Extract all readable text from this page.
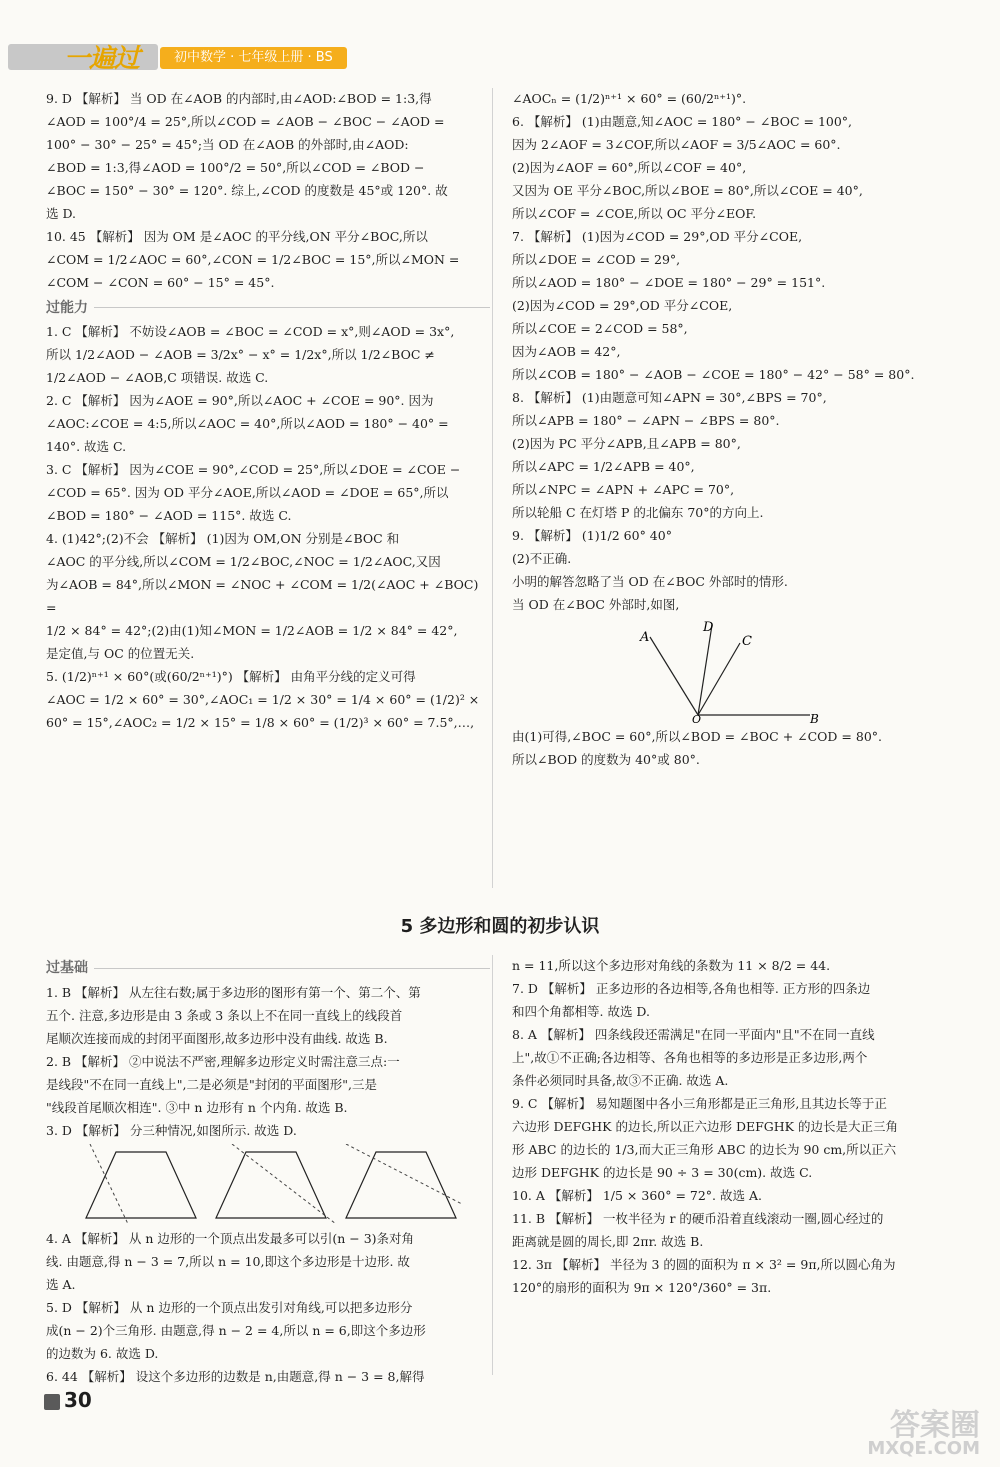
一遍过	初中数学 · 七年级上册 · BS
9. D 【解析】 当 OD 在∠AOB 的内部时,由∠AOD:∠BOD = 1:3,得
∠AOD = 100°/4 = 25°,所以∠COD = ∠AOB − ∠BOC − ∠AOD =
100° − 30° − 25° = 45°;当 OD 在∠AOB 的外部时,由∠AOD:
∠BOD = 1:3,得∠AOD = 100°/2 = 50°,所以∠COD = ∠BOD −
∠BOC = 150° − 30° = 120°. 综上,∠COD 的度数是 45°或 120°. 故
选 D.
10. 45 【解析】 因为 OM 是∠AOC 的平分线,ON 平分∠BOC,所以
∠COM = 1/2∠AOC = 60°,∠CON = 1/2∠BOC = 15°,所以∠MON =
∠COM − ∠CON = 60° − 15° = 45°.
过能力
1. C 【解析】 不妨设∠AOB = ∠BOC = ∠COD = x°,则∠AOD = 3x°,
所以 1/2∠AOD − ∠AOB = 3/2x° − x° = 1/2x°,所以 1/2∠BOC ≠
1/2∠AOD − ∠AOB,C 项错误. 故选 C.
2. C 【解析】 因为∠AOE = 90°,所以∠AOC + ∠COE = 90°. 因为
∠AOC:∠COE = 4:5,所以∠AOC = 40°,所以∠AOD = 180° − 40° =
140°. 故选 C.
3. C 【解析】 因为∠COE = 90°,∠COD = 25°,所以∠DOE = ∠COE −
∠COD = 65°. 因为 OD 平分∠AOE,所以∠AOD = ∠DOE = 65°,所以
∠BOD = 180° − ∠AOD = 115°. 故选 C.
4. (1)42°;(2)不会 【解析】 (1)因为 OM,ON 分别是∠BOC 和
∠AOC 的平分线,所以∠COM = 1/2∠BOC,∠NOC = 1/2∠AOC,又因
为∠AOB = 84°,所以∠MON = ∠NOC + ∠COM = 1/2(∠AOC + ∠BOC) =
1/2 × 84° = 42°;(2)由(1)知∠MON = 1/2∠AOB = 1/2 × 84° = 42°,
是定值,与 OC 的位置无关.
5. (1/2)ⁿ⁺¹ × 60°(或(60/2ⁿ⁺¹)°) 【解析】 由角平分线的定义可得
∠AOC = 1/2 × 60° = 30°,∠AOC₁ = 1/2 × 30° = 1/4 × 60° = (1/2)² ×
60° = 15°,∠AOC₂ = 1/2 × 15° = 1/8 × 60° = (1/2)³ × 60° = 7.5°,…,
∠AOCₙ = (1/2)ⁿ⁺¹ × 60° = (60/2ⁿ⁺¹)°.
6. 【解析】 (1)由题意,知∠AOC = 180° − ∠BOC = 100°,
因为 2∠AOF = 3∠COF,所以∠AOF = 3/5∠AOC = 60°.
(2)因为∠AOF = 60°,所以∠COF = 40°,
又因为 OE 平分∠BOC,所以∠BOE = 80°,所以∠COE = 40°,
所以∠COF = ∠COE,所以 OC 平分∠EOF.
7. 【解析】 (1)因为∠COD = 29°,OD 平分∠COE,
所以∠DOE = ∠COD = 29°,
所以∠AOD = 180° − ∠DOE = 180° − 29° = 151°.
(2)因为∠COD = 29°,OD 平分∠COE,
所以∠COE = 2∠COD = 58°,
因为∠AOB = 42°,
所以∠COB = 180° − ∠AOB − ∠COE = 180° − 42° − 58° = 80°.
8. 【解析】 (1)由题意可知∠APN = 30°,∠BPS = 70°,
所以∠APB = 180° − ∠APN − ∠BPS = 80°.
(2)因为 PC 平分∠APB,且∠APB = 80°,
所以∠APC = 1/2∠APB = 40°,
所以∠NPC = ∠APN + ∠APC = 70°,
所以轮船 C 在灯塔 P 的北偏东 70°的方向上.
9. 【解析】 (1)1/2 60° 40°
(2)不正确.
小明的解答忽略了当 OD 在∠BOC 外部时的情形.
当 OD 在∠BOC 外部时,如图,
A
D
C
O	B
由(1)可得,∠BOC = 60°,所以∠BOD = ∠BOC + ∠COD = 80°.
所以∠BOD 的度数为 40°或 80°.
5 多边形和圆的初步认识
过基础
1. B 【解析】 从左往右数;属于多边形的图形有第一个、第二个、第
五个. 注意,多边形是由 3 条或 3 条以上不在同一直线上的线段首
尾顺次连接而成的封闭平面图形,故多边形中没有曲线. 故选 B.
2. B 【解析】 ②中说法不严密,理解多边形定义时需注意三点:一
是线段"不在同一直线上",二是必须是"封闭的平面图形",三是
"线段首尾顺次相连". ③中 n 边形有 n 个内角. 故选 B.
3. D 【解析】 分三种情况,如图所示. 故选 D.
4. A 【解析】 从 n 边形的一个顶点出发最多可以引(n − 3)条对角
线. 由题意,得 n − 3 = 7,所以 n = 10,即这个多边形是十边形. 故
选 A.
5. D 【解析】 从 n 边形的一个顶点出发引对角线,可以把多边形分
成(n − 2)个三角形. 由题意,得 n − 2 = 4,所以 n = 6,即这个多边形
的边数为 6. 故选 D.
6. 44 【解析】 设这个多边形的边数是 n,由题意,得 n − 3 = 8,解得
n = 11,所以这个多边形对角线的条数为 11 × 8/2 = 44.
7. D 【解析】 正多边形的各边相等,各角也相等. 正方形的四条边
和四个角都相等. 故选 D.
8. A 【解析】 四条线段还需满足"在同一平面内"且"不在同一直线
上",故①不正确;各边相等、各角也相等的多边形是正多边形,两个
条件必须同时具备,故③不正确. 故选 A.
9. C 【解析】 易知题图中各小三角形都是正三角形,且其边长等于正
六边形 DEFGHK 的边长,所以正六边形 DEFGHK 的边长是大正三角
形 ABC 的边长的 1/3,而大正三角形 ABC 的边长为 90 cm,所以正六
边形 DEFGHK 的边长是 90 ÷ 3 = 30(cm). 故选 C.
10. A 【解析】 1/5 × 360° = 72°. 故选 A.
11. B 【解析】 一枚半径为 r 的硬币沿着直线滚动一圈,圆心经过的
距离就是圆的周长,即 2πr. 故选 B.
12. 3π 【解析】 半径为 3 的圆的面积为 π × 3² = 9π,所以圆心角为
120°的扇形的面积为 9π × 120°/360° = 3π.
30
答案圈
MXQE.COM
